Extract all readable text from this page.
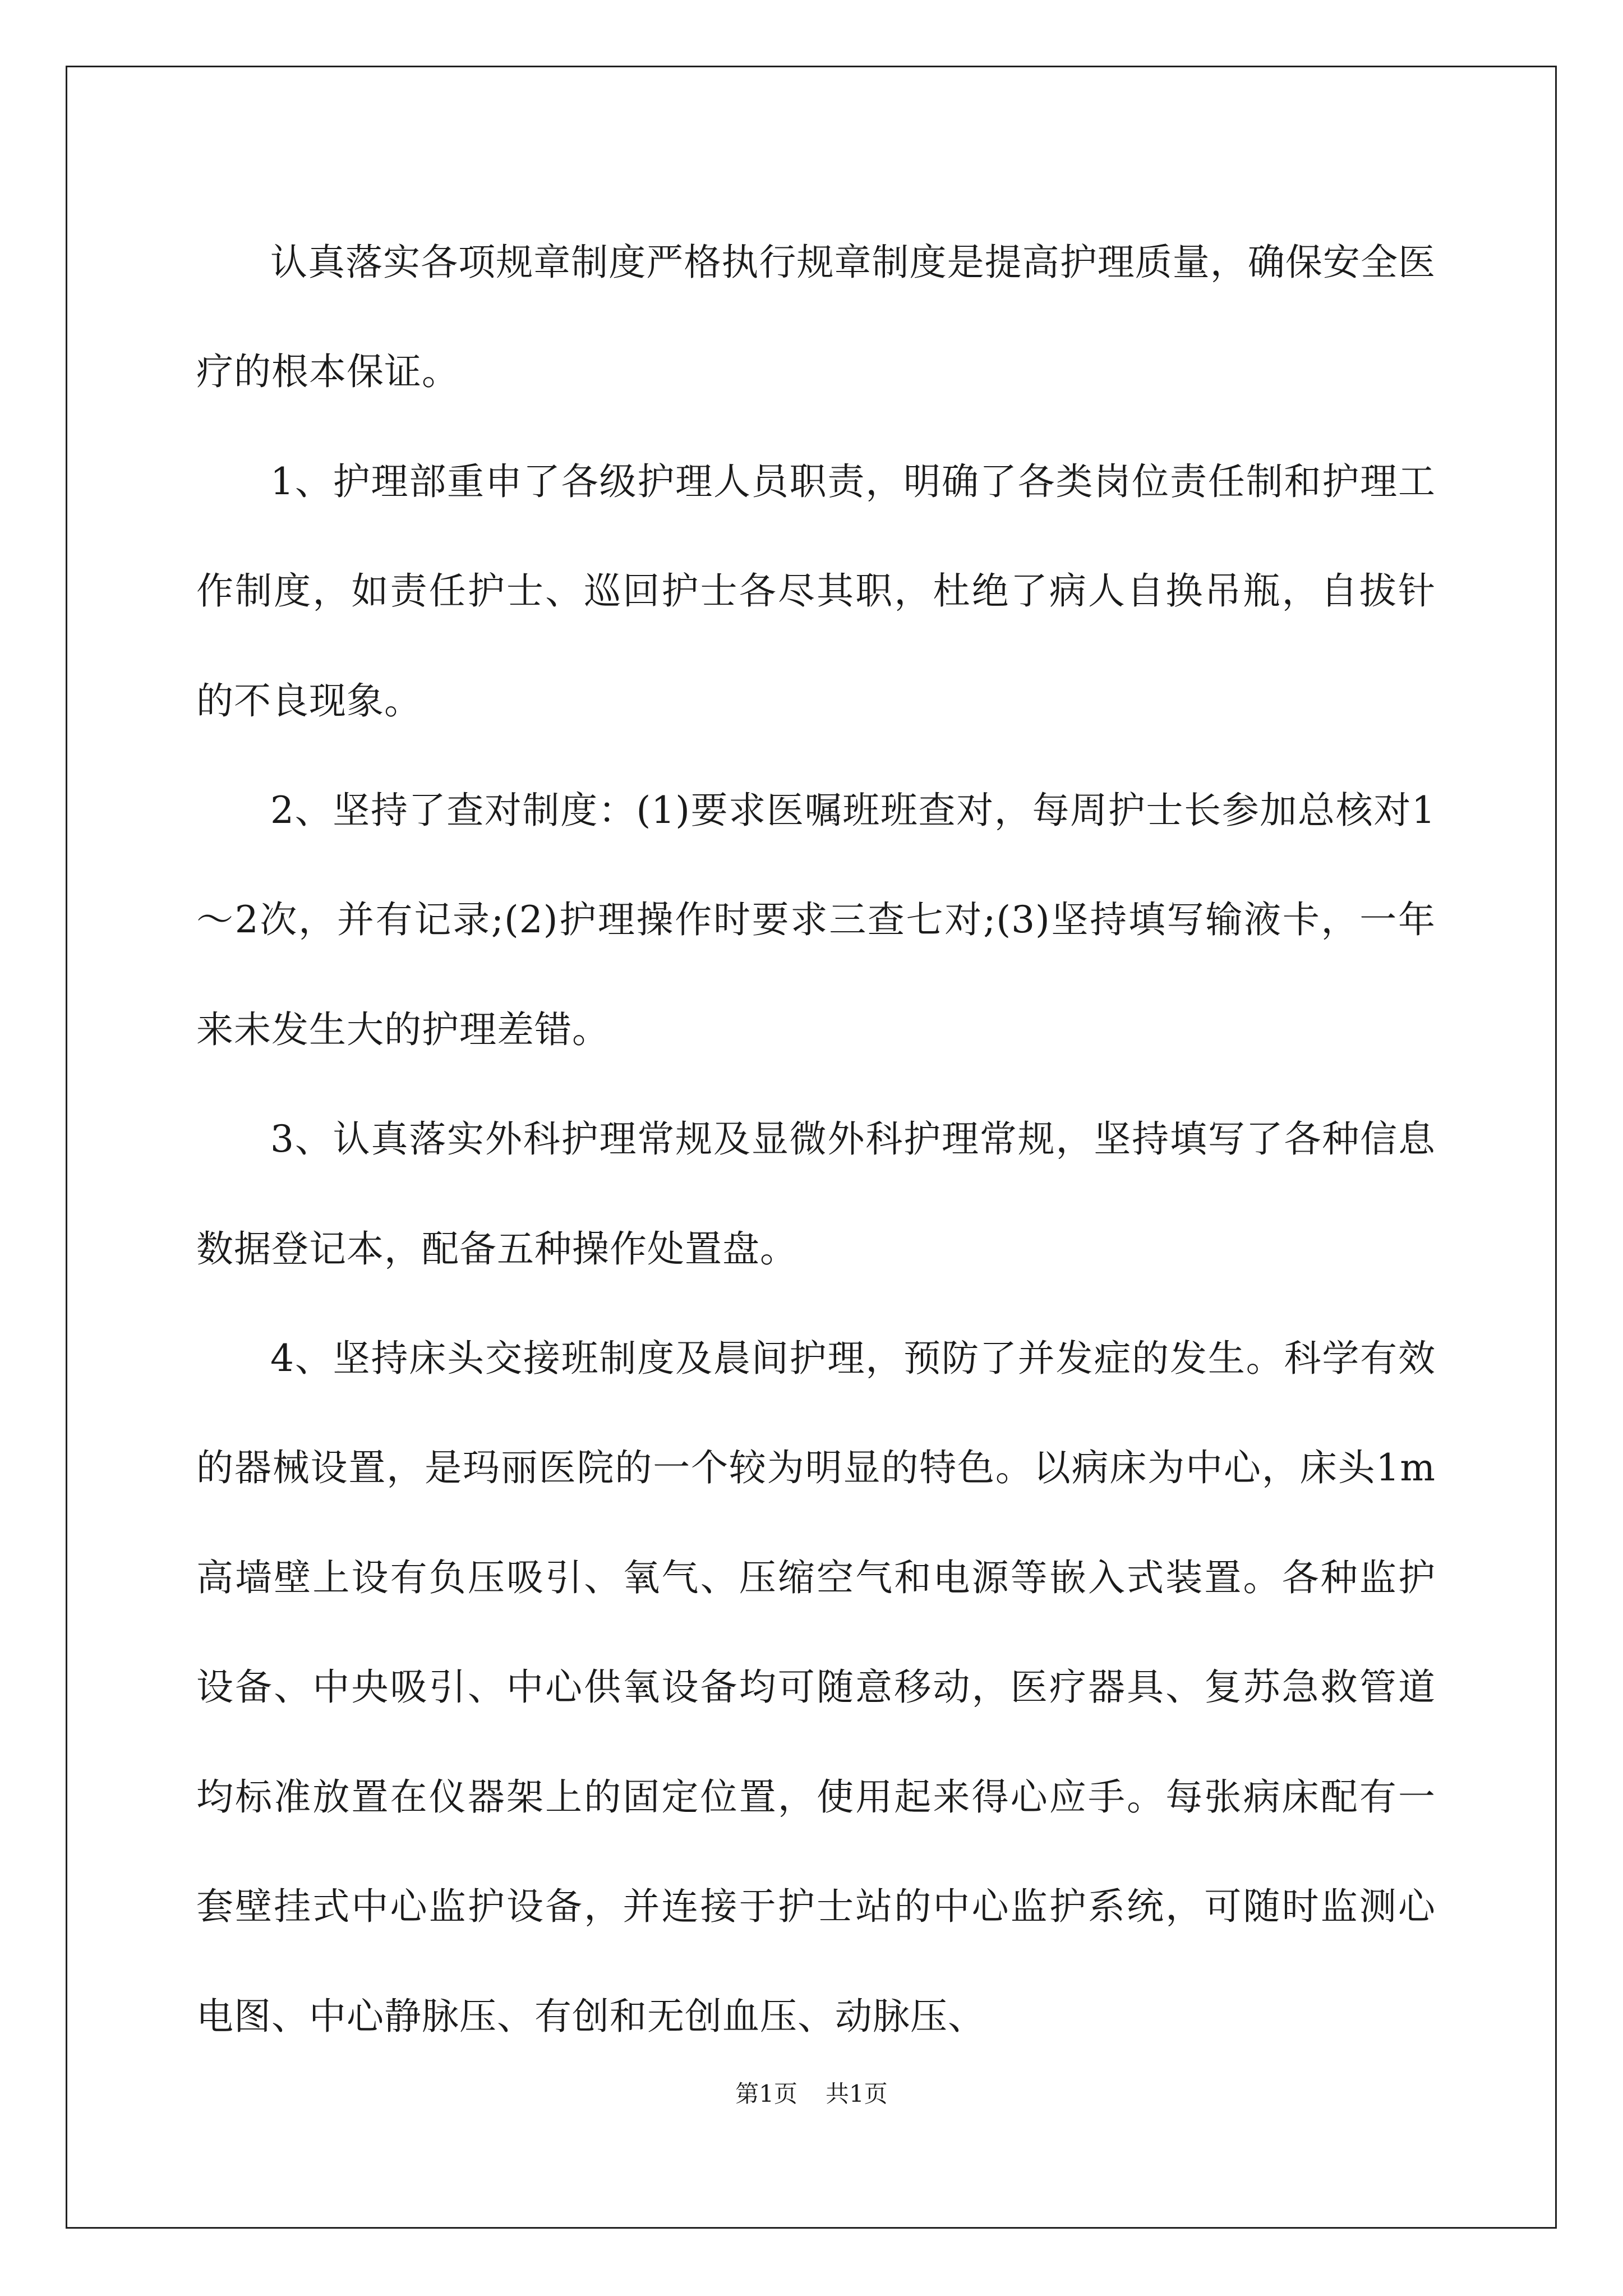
认真落实各项规章制度严格执行规章制度是提高护理质量，确保安全医疗的根本保证。

1、护理部重申了各级护理人员职责，明确了各类岗位责任制和护理工作制度，如责任护士、巡回护士各尽其职，杜绝了病人自换吊瓶，自拔针的不良现象。

2、坚持了查对制度：(1)要求医嘱班班查对，每周护士长参加总核对1～2次，并有记录;(2)护理操作时要求三查七对;(3)坚持填写输液卡，一年来未发生大的护理差错。

3、认真落实外科护理常规及显微外科护理常规，坚持填写了各种信息数据登记本，配备五种操作处置盘。

4、坚持床头交接班制度及晨间护理，预防了并发症的发生。科学有效的器械设置，是玛丽医院的一个较为明显的特色。以病床为中心，床头1m高墙壁上设有负压吸引、氧气、压缩空气和电源等嵌入式装置。各种监护设备、中央吸引、中心供氧设备均可随意移动，医疗器具、复苏急救管道均标准放置在仪器架上的固定位置，使用起来得心应手。每张病床配有一套壁挂式中心监护设备，并连接于护士站的中心监护系统，可随时监测心电图、中心静脉压、有创和无创血压、动脉压、

第1页 共1页
